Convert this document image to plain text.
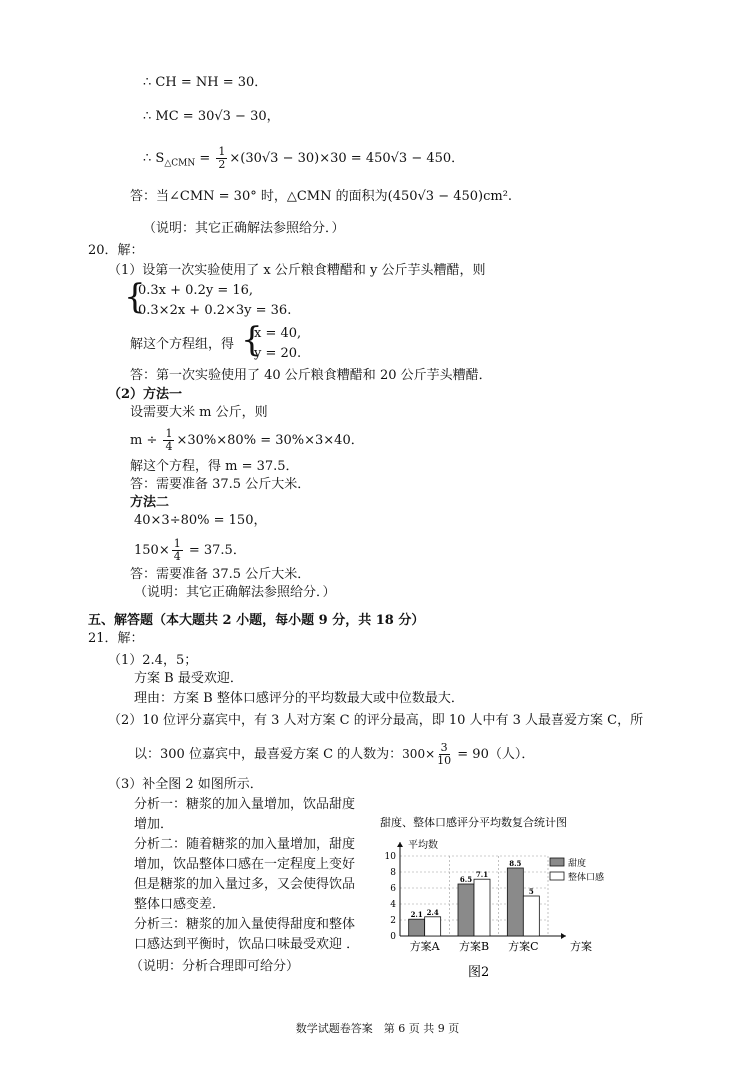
∴ CH = NH = 30．
∴ MC = 30√3 − 30，
∴ $S_{\triangle CMN} = \frac{1}{2} \times(30√3 - 30)\times 30 = 450√3 - 450$．
答：当∠CMN = 30° 时，△CMN 的面积为(450√3 − 450)cm².
（说明：其它正确解法参照给分．）
20．解：
（1）设第一次实验使用了 x 公斤粮食糟醋和 y 公斤芋头糟醋，则
{
0.3x + 0.2y = 16,
0.3×2x + 0.2×3y = 36.
解这个方程组，得 {
x = 40,
y = 20.
答：第一次实验使用了 40 公斤粮食糟醋和 20 公斤芋头糟醋．
（2）方法一
设需要大米 m 公斤，则
$m \div \frac{1}{4} \times 30\%\times 80\% = 30\%\times 3\times 40$．
解这个方程，得 m = 37.5．
答：需要准备 37.5 公斤大米．
方法二
40×3÷80% = 150，
$150\times \frac{1}{4} = 37.5$．
答：需要准备 37.5 公斤大米．
（说明：其它正确解法参照给分．）
五、解答题（本大题共 2 小题，每小题 9 分，共 18 分）
21．解：
（1）2.4，5；
方案 B 最受欢迎．
理由：方案 B 整体口感评分的平均数最大或中位数最大．
（2）10 位评分嘉宾中，有 3 人对方案 C 的评分最高，即 10 人中有 3 人最喜爱方案 C，所
以：300 位嘉宾中，最喜爱方案 C 的人数为：$300\times \frac{3}{10} = 90$（人）．
（3）补全图 2 如图所示．
分析一：糖浆的加入量增加，饮品甜度
增加．
分析二：随着糖浆的加入量增加，甜度
增加，饮品整体口感在一定程度上变好
但是糖浆的加入量过多，又会使得饮品
整体口感变差．
分析三：糖浆的加入量使得甜度和整体
口感达到平衡时，饮品口味最受欢迎 ．
（说明：分析合理即可给分）
甜度、整体口感评分平均数复合统计图
0
2
4
6
8
10
平均数
方案
2.1 2.4
方案A
6.5
7.1
方案B
8.5
5
方案C
甜度
整体口感
图2
数学试题卷答案　第 6 页 共 9 页
